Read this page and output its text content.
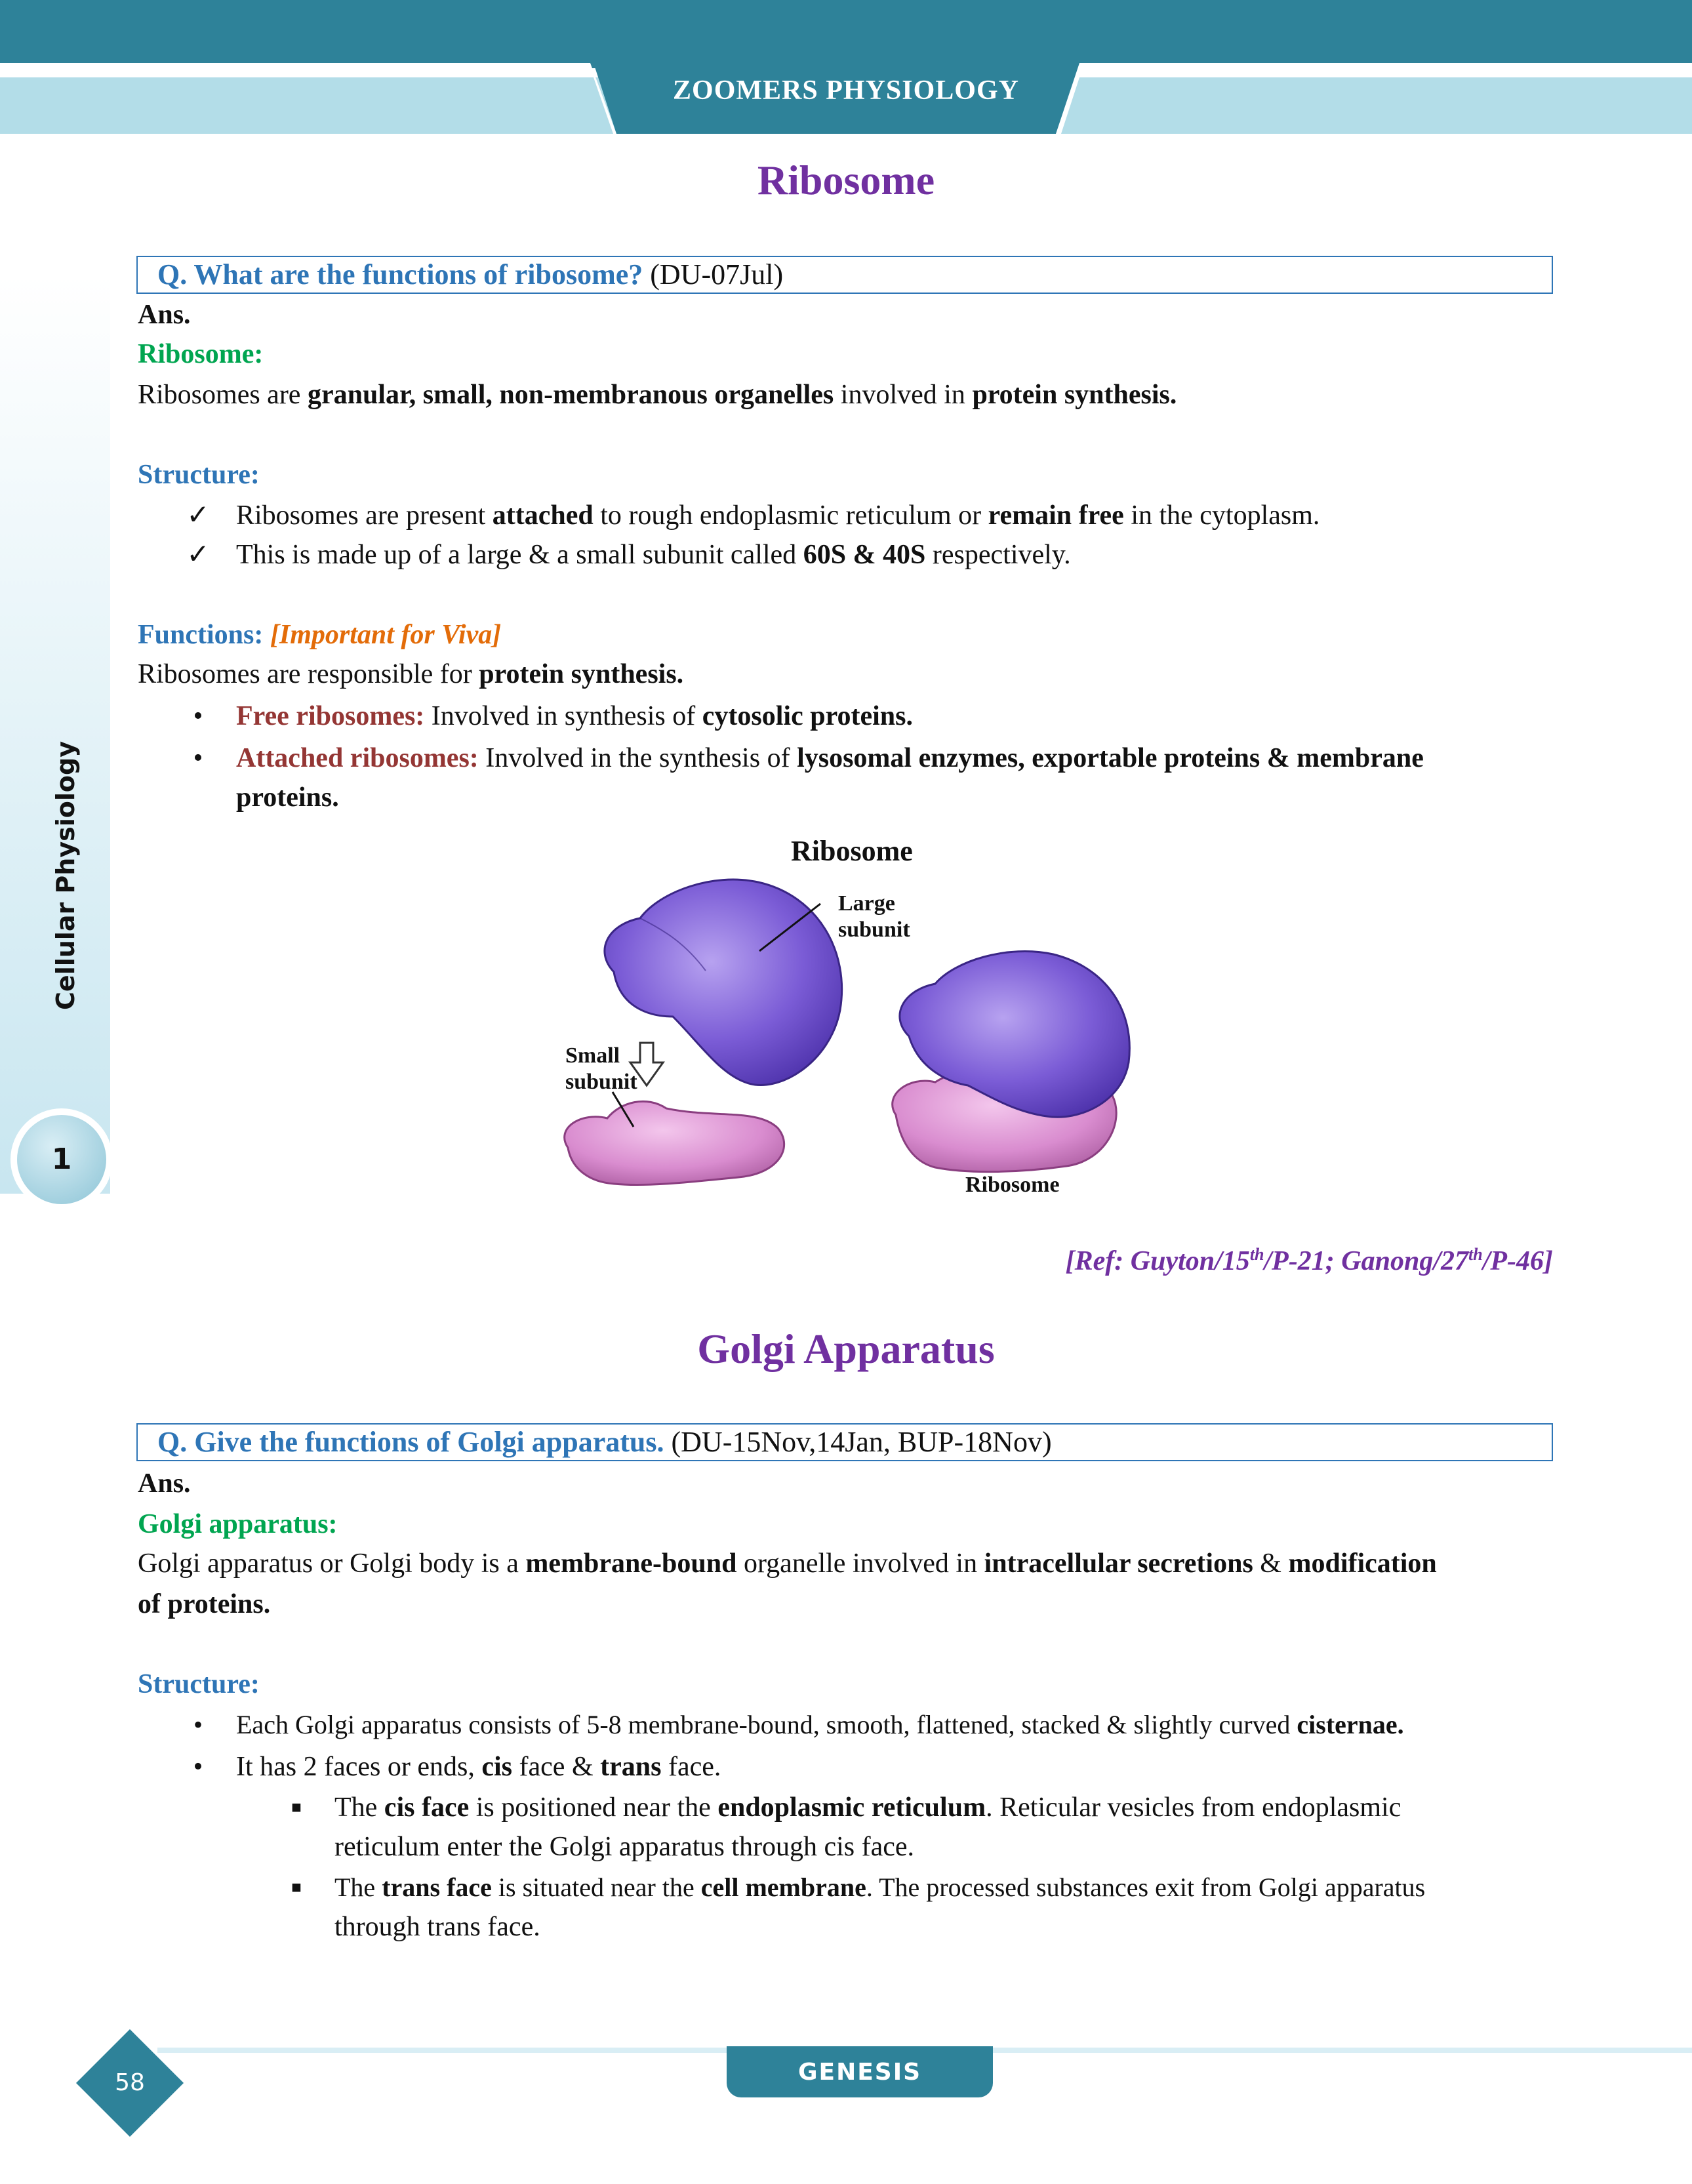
ZOOMERS PHYSIOLOGY
Cellular Physiology
1
Ribosome
Q. What are the functions of ribosome? (DU-07Jul)
Ans.
Ribosome:
Ribosomes are granular, small, non-membranous organelles involved in protein synthesis.
Structure:
✓ Ribosomes are present attached to rough endoplasmic reticulum or remain free in the cytoplasm.
✓ This is made up of a large & a small subunit called 60S & 40S respectively.
Functions: [Important for Viva]
Ribosomes are responsible for protein synthesis.
•	Free ribosomes: Involved in synthesis of cytosolic proteins.
•	Attached ribosomes: Involved in the synthesis of lysosomal enzymes, exportable proteins & membrane
proteins.
Ribosome
Large
subunit
Small
subunit
Ribosome
[Ref: Guyton/15th/P-21; Ganong/27th/P-46]
Golgi Apparatus
Q. Give the functions of Golgi apparatus. (DU-15Nov,14Jan, BUP-18Nov)
Ans.
Golgi apparatus:
Golgi apparatus or Golgi body is a membrane-bound organelle involved in intracellular secretions & modification
of proteins.
Structure:
•	Each Golgi apparatus consists of 5-8 membrane-bound, smooth, flattened, stacked & slightly curved cisternae.
•	It has 2 faces or ends, cis face & trans face.
■ The cis face is positioned near the endoplasmic reticulum. Reticular vesicles from endoplasmic
reticulum enter the Golgi apparatus through cis face.
■	The trans face is situated near the cell membrane. The processed substances exit from Golgi apparatus
through trans face.
GENESIS
58
